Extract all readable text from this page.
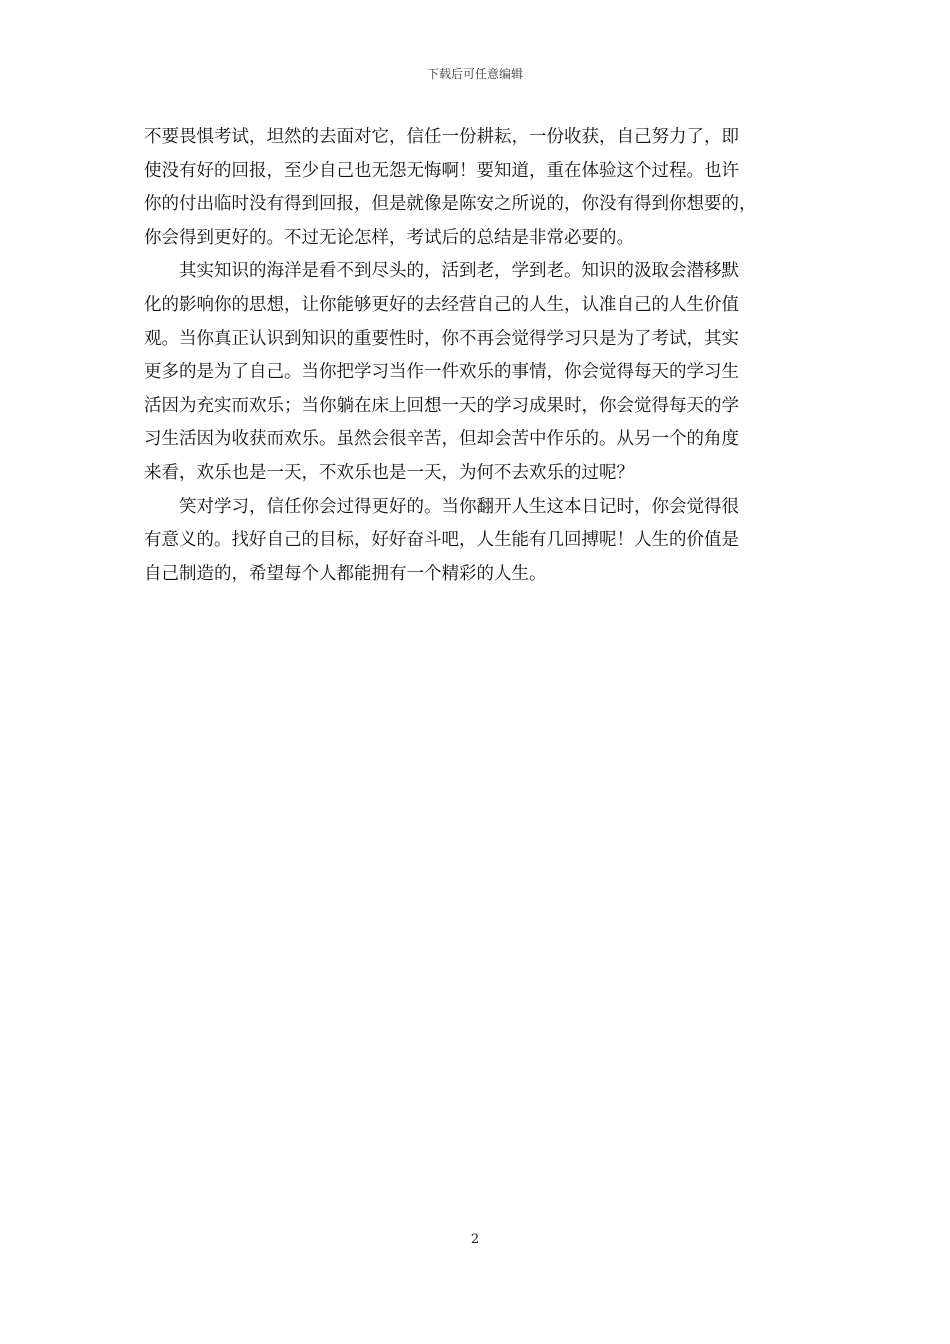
下载后可任意编辑

不要畏惧考试，坦然的去面对它，信任一份耕耘，一份收获，自己努力了，即
使没有好的回报，至少自己也无怨无悔啊！要知道，重在体验这个过程。也许
你的付出临时没有得到回报，但是就像是陈安之所说的，你没有得到你想要的，
你会得到更好的。不过无论怎样，考试后的总结是非常必要的。

　　其实知识的海洋是看不到尽头的，活到老，学到老。知识的汲取会潜移默
化的影响你的思想，让你能够更好的去经营自己的人生，认准自己的人生价值
观。当你真正认识到知识的重要性时，你不再会觉得学习只是为了考试，其实
更多的是为了自己。当你把学习当作一件欢乐的事情，你会觉得每天的学习生
活因为充实而欢乐；当你躺在床上回想一天的学习成果时，你会觉得每天的学
习生活因为收获而欢乐。虽然会很辛苦，但却会苦中作乐的。从另一个的角度
来看，欢乐也是一天，不欢乐也是一天，为何不去欢乐的过呢？

　　笑对学习，信任你会过得更好的。当你翻开人生这本日记时，你会觉得很
有意义的。找好自己的目标，好好奋斗吧，人生能有几回搏呢！人生的价值是
自己制造的，希望每个人都能拥有一个精彩的人生。

2
